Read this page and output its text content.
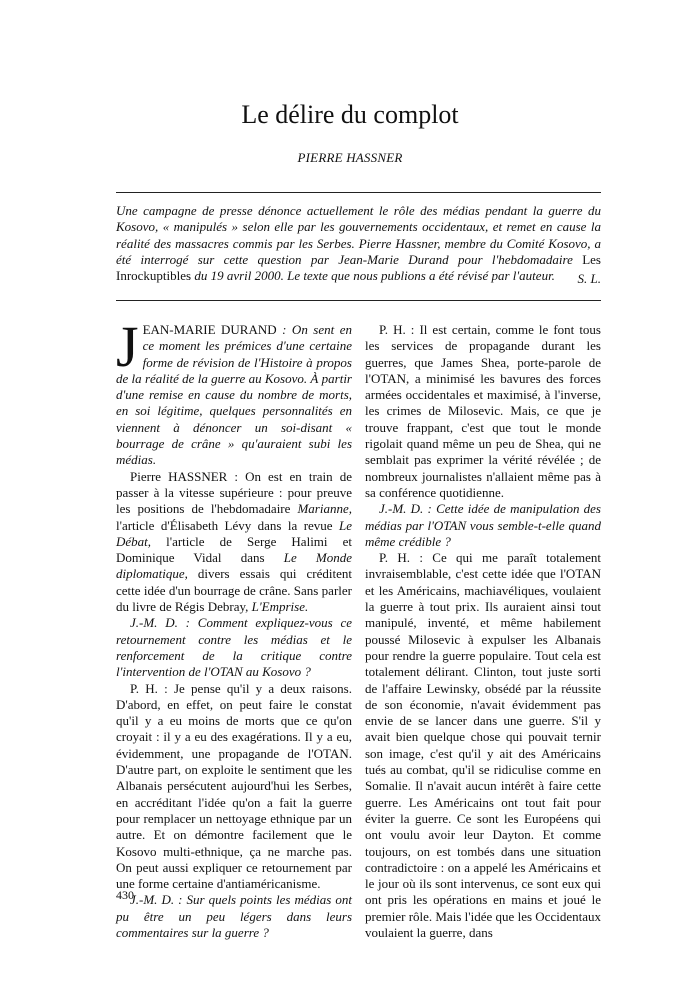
Le délire du complot
PIERRE HASSNER
Une campagne de presse dénonce actuellement le rôle des médias pendant la guerre du Kosovo, « manipulés » selon elle par les gouvernements occidentaux, et remet en cause la réalité des massacres commis par les Serbes. Pierre Hassner, membre du Comité Kosovo, a été interrogé sur cette question par Jean-Marie Durand pour l'hebdomadaire Les Inrockuptibles du 19 avril 2000. Le texte que nous publions a été révisé par l'auteur.	S. L.

JEAN-MARIE DURAND : On sent en ce moment les prémices d'une certaine forme de révision de l'Histoire à propos de la réalité de la guerre au Kosovo. À partir d'une remise en cause du nombre de morts, en soi légitime, quelques personnalités en viennent à dénoncer un soi-disant « bourrage de crâne » qu'auraient subi les médias.

Pierre HASSNER : On est en train de passer à la vitesse supérieure : pour preuve les positions de l'hebdomadaire Marianne, l'article d'Élisabeth Lévy dans la revue Le Débat, l'article de Serge Halimi et Dominique Vidal dans Le Monde diplomatique, divers essais qui créditent cette idée d'un bourrage de crâne. Sans parler du livre de Régis Debray, L'Emprise.

J.-M. D. : Comment expliquez-vous ce retournement contre les médias et le renforcement de la critique contre l'intervention de l'OTAN au Kosovo ?

P. H. : Je pense qu'il y a deux raisons. D'abord, en effet, on peut faire le constat qu'il y a eu moins de morts que ce qu'on croyait : il y a eu des exagérations. Il y a eu, évidemment, une propagande de l'OTAN. D'autre part, on exploite le sentiment que les Albanais persécutent aujourd'hui les Serbes, en accréditant l'idée qu'on a fait la guerre pour remplacer un nettoyage ethnique par un autre. Et on démontre facilement que le Kosovo multi-ethnique, ça ne marche pas. On peut aussi expliquer ce retournement par une forme certaine d'antiaméricanisme.

J.-M. D. : Sur quels points les médias ont pu être un peu légers dans leurs commentaires sur la guerre ?

P. H. : Il est certain, comme le font tous les services de propagande durant les guerres, que James Shea, porte-parole de l'OTAN, a minimisé les bavures des forces armées occidentales et maximisé, à l'inverse, les crimes de Milosevic. Mais, ce que je trouve frappant, c'est que tout le monde rigolait quand même un peu de Shea, qui ne semblait pas exprimer la vérité révélée ; de nombreux journalistes n'allaient même pas à sa conférence quotidienne.

J.-M. D. : Cette idée de manipulation des médias par l'OTAN vous semble-t-elle quand même crédible ?

P. H. : Ce qui me paraît totalement invraisemblable, c'est cette idée que l'OTAN et les Américains, machiavéliques, voulaient la guerre à tout prix. Ils auraient ainsi tout manipulé, inventé, et même habilement poussé Milosevic à expulser les Albanais pour rendre la guerre populaire. Tout cela est totalement délirant. Clinton, tout juste sorti de l'affaire Lewinsky, obsédé par la réussite de son économie, n'avait évidemment pas envie de se lancer dans une guerre. S'il y avait bien quelque chose qui pouvait ternir son image, c'est qu'il y ait des Américains tués au combat, qu'il se ridiculise comme en Somalie. Il n'avait aucun intérêt à faire cette guerre. Les Américains ont tout fait pour éviter la guerre. Ce sont les Européens qui ont voulu avoir leur Dayton. Et comme toujours, on est tombés dans une situation contradictoire : on a appelé les Américains et le jour où ils sont intervenus, ce sont eux qui ont pris les opérations en mains et joué le premier rôle. Mais l'idée que les Occidentaux voulaient la guerre, dans

430
